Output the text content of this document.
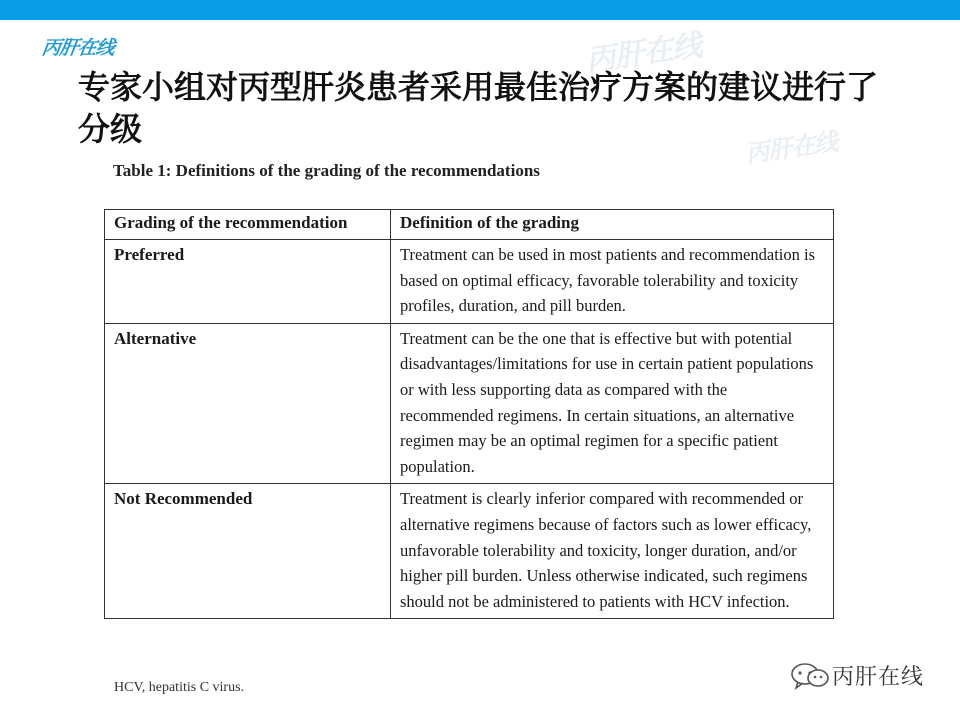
丙肝在线	丙肝在线
丙肝在线
专家小组对丙型肝炎患者采用最佳治疗方案的建议进行了分级

Table 1: Definitions of the grading of the recommendations

Grading of the recommendation	Definition of the grading
Preferred	Treatment can be used in most patients and recommendation is based on optimal efficacy, favorable tolerability and toxicity profiles, duration, and pill burden.
Alternative	Treatment can be the one that is effective but with potential disadvantages/limitations for use in certain patient populations or with less supporting data as compared with the recommended regimens. In certain situations, an alternative regimen may be an optimal regimen for a specific patient population.
Not Recommended	Treatment is clearly inferior compared with recommended or alternative regimens because of factors such as lower efficacy, unfavorable tolerability and toxicity, longer duration, and/or higher pill burden. Unless otherwise indicated, such regimens should not be administered to patients with HCV infection.

HCV, hepatitis C virus.	丙肝在线
